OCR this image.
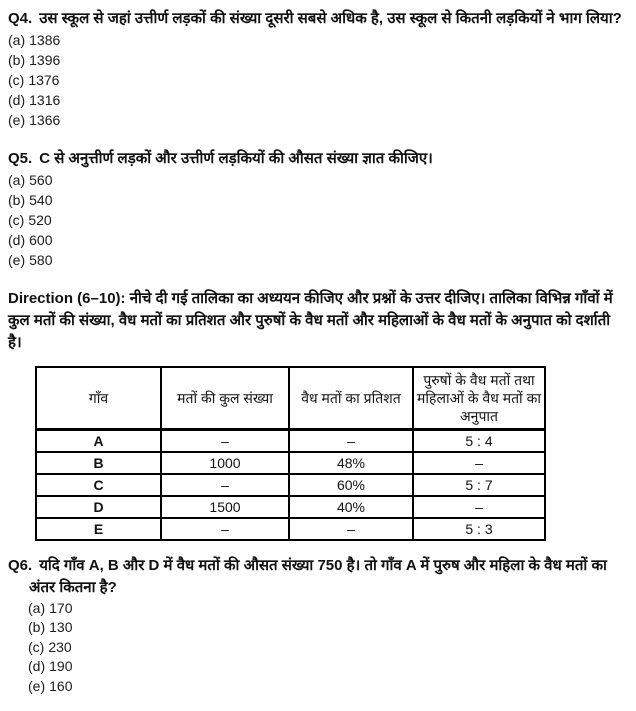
Q4. उस स्कूल से जहां उत्तीर्ण लड़कों की संख्या दूसरी सबसे अधिक है, उस स्कूल से कितनी लड़कियों ने भाग लिया?

(a) 1386
(b) 1396
(c) 1376
(d) 1316
(e) 1366

Q5. C से अनुत्तीर्ण लड़कों और उत्तीर्ण लड़कियों की औसत संख्या ज्ञात कीजिए।

(a) 560
(b) 540
(c) 520
(d) 600
(e) 580

Direction (6–10): नीचे दी गई तालिका का अध्ययन कीजिए और प्रश्नों के उत्तर दीजिए। तालिका विभिन्न गाँवों में कुल मतों की संख्या, वैध मतों का प्रतिशत और पुरुषों के वैध मतों और महिलाओं के वैध मतों के अनुपात को दर्शाती है।

गाँव	मतों की कुल संख्या	वैध मतों का प्रतिशत	पुरुषों के वैध मतों तथा महिलाओं के वैध मतों का अनुपात
A	–	–	5 : 4
B	1000	48%	–
C	–	60%	5 : 7
D	1500	40%	–
E	–	–	5 : 3

Q6. यदि गाँव A, B और D में वैध मतों की औसत संख्या 750 है। तो गाँव A में पुरुष और महिला के वैध मतों का अंतर कितना है?

(a) 170
(b) 130
(c) 230
(d) 190
(e) 160
